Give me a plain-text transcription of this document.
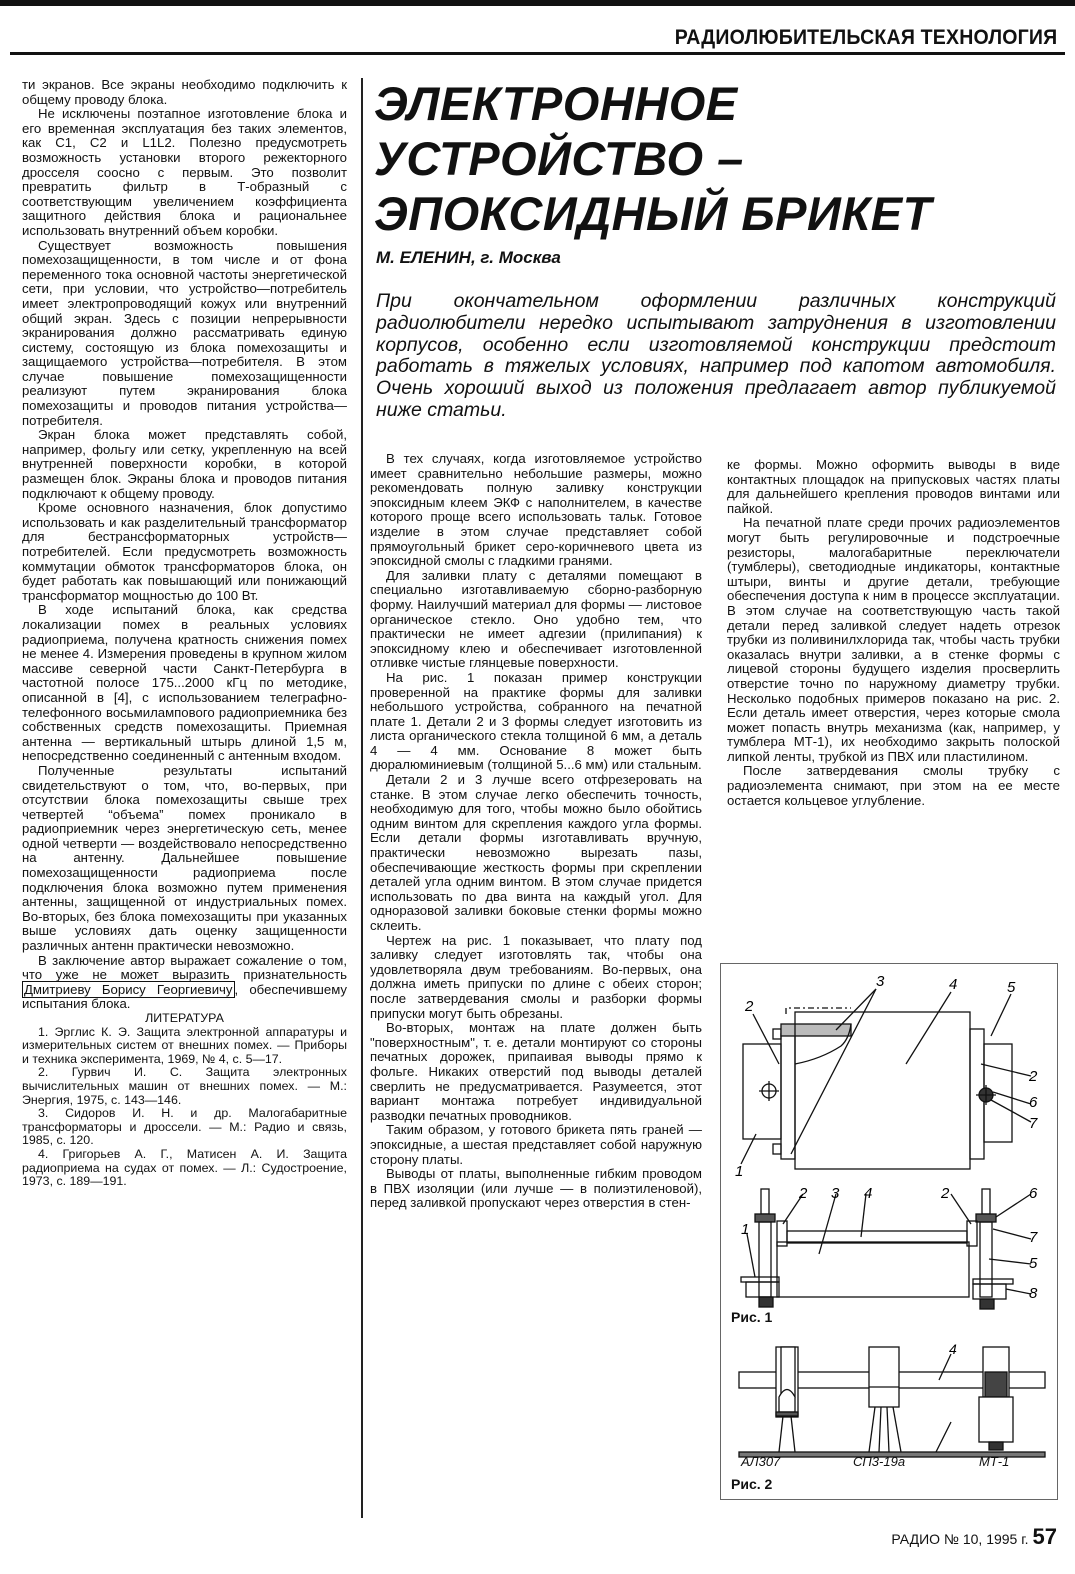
РАДИОЛЮБИТЕЛЬСКАЯ ТЕХНОЛОГИЯ

ти экранов. Все экраны необходимо подключить к общему проводу блока.

Не исключены поэтапное изготовление блока и его временная эксплуатация без таких элементов, как С1, С2 и L1L2. Полезно предусмотреть возможность установки второго режекторного дросселя соосно с первым. Это позволит превратить фильтр в Т-образный с соответствующим увеличением коэффициента защитного действия блока и рациональнее использовать внутренний объем коробки.

Существует возможность повышения помехозащищенности, в том числе и от фона переменного тока основной частоты энергетической сети, при условии, что устройство—потребитель имеет электропроводящий кожух или внутренний общий экран. Здесь с позиции непрерывности экранирования должно рассматривать единую систему, состоящую из блока помехозащиты и защищаемого устройства—потребителя. В этом случае повышение помехозащищенности реализуют путем экранирования блока помехозащиты и проводов питания устройства—потребителя.

Экран блока может представлять собой, например, фольгу или сетку, укрепленную на всей внутренней поверхности коробки, в которой размещен блок. Экраны блока и проводов питания подключают к общему проводу.

Кроме основного назначения, блок допустимо использовать и как разделительный трансформатор для бестрансформаторных устройств—потребителей. Если предусмотреть возможность коммутации обмоток трансформаторов блока, он будет работать как повышающий или понижающий трансформатор мощностью до 100 Вт.

В ходе испытаний блока, как средства локализации помех в реальных условиях радиоприема, получена кратность снижения помех не менее 4. Измерения проведены в крупном жилом массиве северной части Санкт-Петербурга в частотной полосе 175...2000 кГц по методике, описанной в [4], с использованием телеграфно-телефонного восьмилампового радиоприемника без собственных средств помехозащиты. Приемная антенна — вертикальный штырь длиной 1,5 м, непосредственно соединенный с антенным входом.

Полученные результаты испытаний свидетельствуют о том, что, во-первых, при отсутствии блока помехозащиты свыше трех четвертей “объема” помех проникало в радиоприемник через энергетическую сеть, менее одной четверти — воздействовало непосредственно на антенну. Дальнейшее повышение помехозащищенности радиоприема после подключения блока возможно путем применения антенны, защищенной от индустриальных помех. Во-вторых, без блока помехозащиты при указанных выше условиях дать оценку защищенности различных антенн практически невозможно.

В заключение автор выражает сожаление о том, что уже не может выразить признательность Дмитриеву Борису Георгиевичу , обеспечившему испытания блока.

ЛИТЕРАТУРА

1. Эрглис К. Э. Защита электронной аппаратуры и измерительных систем от внешних помех. — Приборы и техника эксперимента, 1969, № 4, с. 5—17.

2. Гурвич И. С. Защита электронных вычислительных машин от внешних помех. — М.: Энергия, 1975, с. 143—146.

3. Сидоров И. Н. и др. Малогабаритные трансформаторы и дроссели. — М.: Радио и связь, 1985, с. 120.

4. Григорьев А. Г., Матисен А. И. Защита радиоприема на судах от помех. — Л.: Судостроение, 1973, с. 189—191.

ЭЛЕКТРОННОЕ
УСТРОЙСТВО –
ЭПОКСИДНЫЙ БРИКЕТ
М. ЕЛЕНИН, г. Москва
При окончательном оформлении различных конструкций радиолюбители нередко испытывают затруднения в изготовлении корпусов, особенно если изготовляемой конструкции предстоит работать в тяжелых условиях, например под капотом автомобиля. Очень хороший выход из положения предлагает автор публикуемой ниже статьи.

В тех случаях, когда изготовляемое устройство имеет сравнительно небольшие размеры, можно рекомендовать полную заливку конструкции эпоксидным клеем ЭКФ с наполнителем, в качестве которого проще всего использовать тальк. Готовое изделие в этом случае представляет собой прямоугольный брикет серо-коричневого цвета из эпоксидной смолы с гладкими гранями.

Для заливки плату с деталями помещают в специально изготавливаемую сборно-разборную форму. Наилучший материал для формы — листовое органическое стекло. Оно удобно тем, что практически не имеет адгезии (прилипания) к эпоксидному клею и обеспечивает изготовленной отливке чистые глянцевые поверхности.

На рис. 1 показан пример конструкции проверенной на практике формы для заливки небольшого устройства, собранного на печатной плате 1. Детали 2 и 3 формы следует изготовить из листа органического стекла толщиной 6 мм, а деталь 4 — 4 мм. Основание 8 может быть дюралюминиевым (толщиной 5...6 мм) или стальным.

Детали 2 и 3 лучше всего отфрезеровать на станке. В этом случае легко обеспечить точность, необходимую для того, чтобы можно было обойтись одним винтом для скрепления каждого угла формы. Если детали формы изготавливать вручную, практически невозможно вырезать пазы, обеспечивающие жесткость формы при скреплении деталей угла одним винтом. В этом случае придется использовать по два винта на каждый угол. Для одноразовой заливки боковые стенки формы можно склеить.

Чертеж на рис. 1 показывает, что плату под заливку следует изготовлять так, чтобы она удовлетворяла двум требованиям. Во-первых, она должна иметь припуски по длине с обеих сторон; после затвердевания смолы и разборки формы припуски могут быть обрезаны.

Во-вторых, монтаж на плате должен быть "поверхностным", т. е. детали монтируют со стороны печатных дорожек, припаивая выводы прямо к фольге. Никаких отверстий под выводы деталей сверлить не предусматривается. Разумеется, этот вариант монтажа потребует индивидуальной разводки печатных проводников.

Таким образом, у готового брикета пять граней — эпоксидные, а шестая представляет собой наружную сторону платы.

Выводы от платы, выполненные гибким проводом в ПВХ изоляции (или лучше — в полиэтиленовой), перед заливкой пропускают через отверстия в стен-

ке формы. Можно оформить выводы в виде контактных площадок на припусковых частях платы для дальнейшего крепления проводов винтами или пайкой.

На печатной плате среди прочих радиоэлементов могут быть регулировочные и подстроечные резисторы, малогабаритные переключатели (тумблеры), светодиодные индикаторы, контактные штыри, винты и другие детали, требующие обеспечения доступа к ним в процессе эксплуатации. В этом случае на соответствующую часть такой детали перед заливкой следует надеть отрезок трубки из поливинилхлорида так, чтобы часть трубки оказалась внутри заливки, а в стенке формы с лицевой стороны будущего изделия просверлить отверстие точно по наружному диаметру трубки. Несколько подобных примеров показано на рис. 2. Если деталь имеет отверстия, через которые смола может попасть внутрь механизма (как, например, у тумблера МТ-1), их необходимо закрыть полоской липкой ленты, трубкой из ПВХ или пластилином.

После затвердевания смолы трубку с радиоэлемента снимают, при этом на ее месте остается кольцевое углубление.

3	4	5
2
2
6
7
1
2 3 4	2	6
7
5
8
1
Рис. 1
4
АЛ307	СП3-19а	МТ-1
Рис. 2
РАДИО № 10, 1995 г. 57
